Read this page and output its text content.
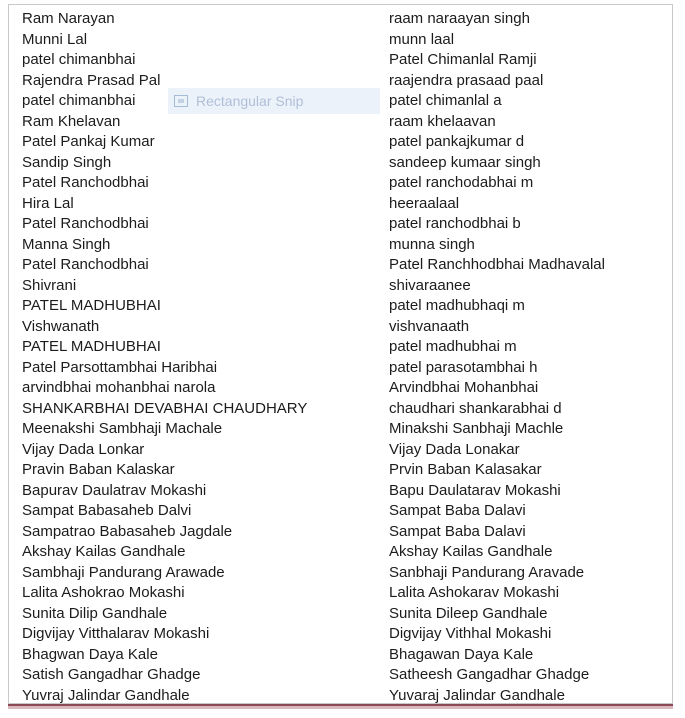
Rectangular Snip
Ram Narayan	raam naraayan singh
Munni Lal	munn laal
patel chimanbhai	Patel Chimanlal Ramji
Rajendra Prasad Pal	raajendra prasaad paal
patel chimanbhai	patel chimanlal a
Ram Khelavan	raam khelaavan
Patel Pankaj Kumar	patel pankajkumar d
Sandip Singh	sandeep kumaar singh
Patel Ranchodbhai	patel ranchodabhai m
Hira Lal	heeraalaal
Patel Ranchodbhai	patel ranchodbhai b
Manna Singh	munna singh
Patel Ranchodbhai	Patel Ranchhodbhai Madhavalal
Shivrani	shivaraanee
PATEL MADHUBHAI	patel madhubhaqi m
Vishwanath	vishvanaath
PATEL MADHUBHAI	patel madhubhai m
Patel Parsottambhai Haribhai	patel parasotambhai h
arvindbhai mohanbhai narola	Arvindbhai Mohanbhai
SHANKARBHAI DEVABHAI CHAUDHARY	chaudhari shankarabhai d
Meenakshi Sambhaji Machale	Minakshi Sanbhaji Machle
Vijay Dada Lonkar	Vijay Dada Lonakar
Pravin Baban Kalaskar	Prvin Baban Kalasakar
Bapurav Daulatrav Mokashi	Bapu Daulatarav Mokashi
Sampat Babasaheb Dalvi	Sampat Baba Dalavi
Sampatrao Babasaheb Jagdale	Sampat Baba Dalavi
Akshay Kailas Gandhale	Akshay Kailas Gandhale
Sambhaji Pandurang Arawade	Sanbhaji Pandurang Aravade
Lalita Ashokrao Mokashi	Lalita Ashokarav Mokashi
Sunita Dilip Gandhale	Sunita Dileep Gandhale
Digvijay Vitthalarav Mokashi	Digvijay Vithhal Mokashi
Bhagwan Daya Kale	Bhagawan Daya Kale
Satish Gangadhar Ghadge	Satheesh Gangadhar Ghadge
Yuvraj Jalindar Gandhale	Yuvaraj Jalindar Gandhale
